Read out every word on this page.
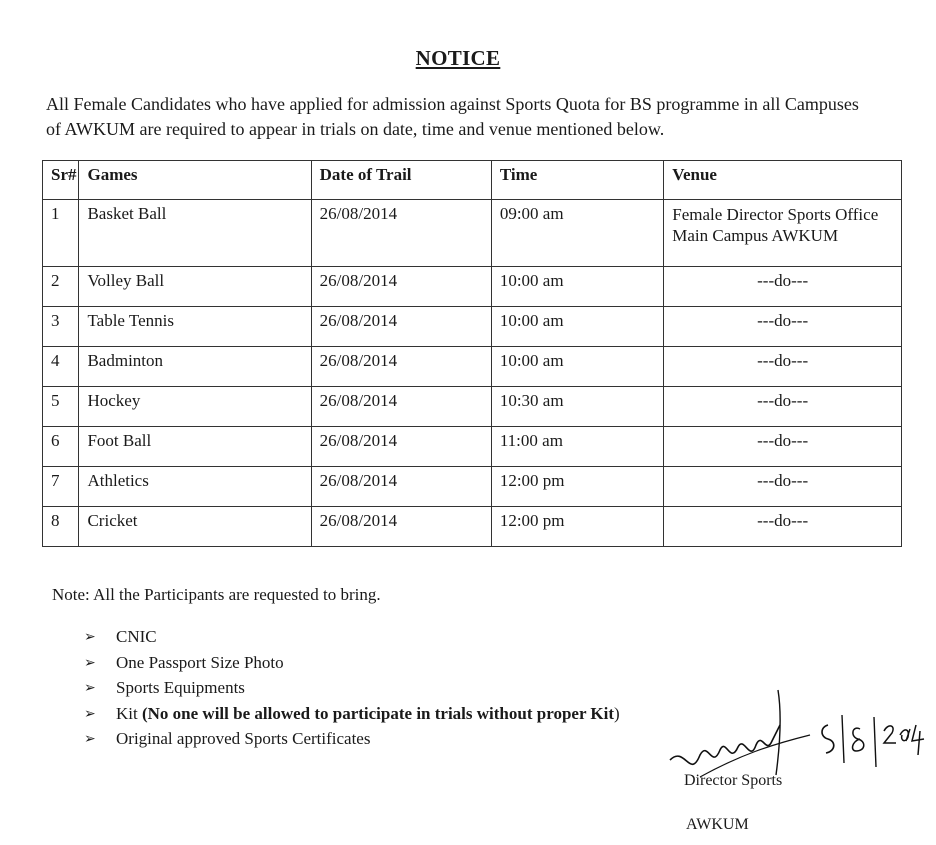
NOTICE
All Female Candidates who have applied for admission against Sports Quota for BS programme in all Campuses of AWKUM are required to appear in trials on date, time and venue mentioned below.
Sr#	Games	Date of Trail	Time	Venue
1	Basket Ball	26/08/2014	09:00 am	Female Director Sports Office Main Campus AWKUM
2	Volley Ball	26/08/2014	10:00 am	---do---
3	Table Tennis	26/08/2014	10:00 am	---do---
4	Badminton	26/08/2014	10:00 am	---do---
5	Hockey	26/08/2014	10:30 am	---do---
6	Foot Ball	26/08/2014	11:00 am	---do---
7	Athletics	26/08/2014	12:00 pm	---do---
8	Cricket	26/08/2014	12:00 pm	---do---
Note: All the Participants are requested to bring.
➢	CNIC
➢	One Passport Size Photo
➢	Sports Equipments
➢	Kit (No one will be allowed to participate in trials without proper Kit)
➢	Original approved Sports Certificates
Director Sports
AWKUM
